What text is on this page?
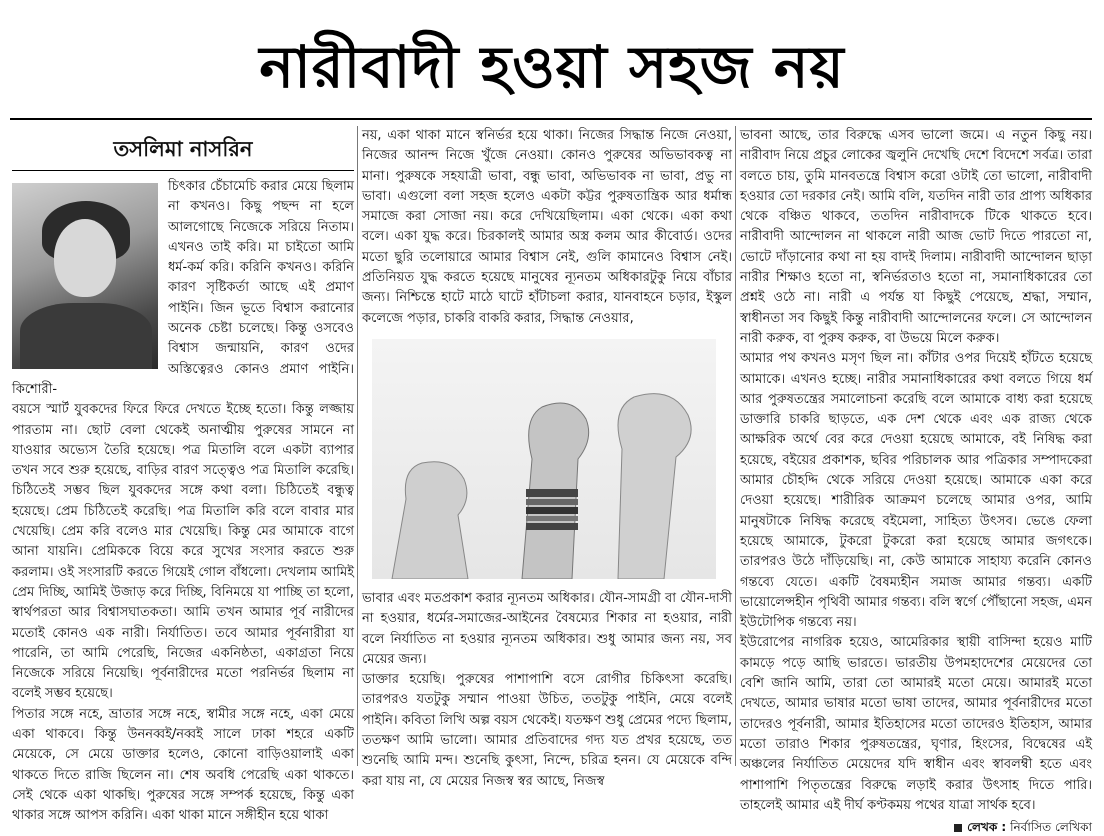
নারীবাদী হওয়া সহজ নয়
তসলিমা নাসরিন

চিৎকার চেঁচামেচি করার মেয়ে ছিলাম না কখনও। কিছু পছন্দ না হলে আলগোছে নিজেকে সরিয়ে নিতাম। এখনও তাই করি। মা চাইতো আমি ধর্ম-কর্ম করি। করিনি কখনও। করিনি কারণ সৃষ্টিকর্তা আছে এই প্রমাণ পাইনি। জিন ভূতে বিশ্বাস করানোর অনেক চেষ্টা চলেছে। কিন্তু ওসবেও বিশ্বাস জন্মায়নি, কারণ ওদের অস্তিত্বেরও কোনও প্রমাণ পাইনি। কিশোরী-

বয়সে স্মার্ট যুবকদের ফিরে ফিরে দেখতে ইচ্ছে হতো। কিন্তু লজ্জায় পারতাম না। ছোট বেলা থেকেই অনাত্মীয় পুরুষের সামনে না যাওয়ার অভ্যেস তৈরি হয়েছে। পত্র মিতালি বলে একটা ব্যাপার তখন সবে শুরু হয়েছে, বাড়ির বারণ সত্ত্বেও পত্র মিতালি করেছি। চিঠিতেই সম্ভব ছিল যুবকদের সঙ্গে কথা বলা। চিঠিতেই বন্ধুত্ব হয়েছে। প্রেম চিঠিতেই করেছি। পত্র মিতালি করি বলে বাবার মার খেয়েছি। প্রেম করি বলেও মার খেয়েছি। কিন্তু মের আমাকে বাগে আনা যায়নি। প্রেমিককে বিয়ে করে সুখের সংসার করতে শুরু করলাম। ওই সংসারটি করতে গিয়েই গোল বাঁধলো। দেখলাম আমিই প্রেম দিচ্ছি, আমিই উজাড় করে দিচ্ছি, বিনিময়ে যা পাচ্ছি তা হলো, স্বার্থপরতা আর বিশ্বাসঘাতকতা। আমি তখন আমার পূর্ব নারীদের মতোই কোনও এক নারী। নির্যাতিত। তবে আমার পূর্বনারীরা যা পারেনি, তা আমি পেরেছি, নিজের একনিষ্ঠতা, একাগ্রতা নিয়ে নিজেকে সরিয়ে নিয়েছি। পূর্বনারীদের মতো পরনির্ভর ছিলাম না বলেই সম্ভব হয়েছে।

পিতার সঙ্গে নহে, ভ্রাতার সঙ্গে নহে, স্বামীর সঙ্গে নহে, একা মেয়ে একা থাকবে। কিন্তু উননব্বই/নব্বই সালে ঢাকা শহরে একটি মেয়েকে, সে মেয়ে ডাক্তার হলেও, কোনো বাড়িওয়ালাই একা থাকতে দিতে রাজি ছিলেন না। শেষ অবধি পেরেছি একা থাকতে। সেই থেকে একা থাকছি। পুরুষের সঙ্গে সম্পর্ক হয়েছে, কিন্তু একা থাকার সঙ্গে আপস করিনি। একা থাকা মানে সঙ্গীহীন হয়ে থাকা

নয়, একা থাকা মানে স্বনির্ভর হয়ে থাকা। নিজের সিদ্ধান্ত নিজে নেওয়া, নিজের আনন্দ নিজে খুঁজে নেওয়া। কোনও পুরুষের অভিভাবকত্ব না মানা। পুরুষকে সহযাত্রী ভাবা, বন্ধু ভাবা, অভিভাবক না ভাবা, প্রভু না ভাবা। এগুলো বলা সহজ হলেও একটা কট্টর পুরুষতান্ত্রিক আর ধর্মান্ধ সমাজে করা সোজা নয়। করে দেখিয়েছিলাম। একা থেকে। একা কথা বলে। একা যুদ্ধ করে। চিরকালই আমার অস্ত্র কলম আর কীবোর্ড। ওদের মতো ছুরি তলোয়ারে আমার বিশ্বাস নেই, গুলি কামানেও বিশ্বাস নেই। প্রতিনিয়ত যুদ্ধ করতে হয়েছে মানুষের ন্যূনতম অধিকারটুকু নিয়ে বাঁচার জন্য। নিশ্চিন্তে হাটে মাঠে ঘাটে হাঁটাচলা করার, যানবাহনে চড়ার, ইস্কুল কলেজে পড়ার, চাকরি বাকরি করার, সিদ্ধান্ত নেওয়ার,

ভাবার এবং মতপ্রকাশ করার ন্যূনতম অধিকার। যৌন-সামগ্রী বা যৌন-দাসী না হওয়ার, ধর্মের-সমাজের-আইনের বৈষম্যের শিকার না হওয়ার, নারী বলে নির্যাতিত না হওয়ার ন্যূনতম অধিকার। শুধু আমার জন্য নয়, সব মেয়ের জন্য।

ডাক্তার হয়েছি। পুরুষের পাশাপাশি বসে রোগীর চিকিৎসা করেছি। তারপরও যতটুকু সম্মান পাওয়া উচিত, ততটুকু পাইনি, মেয়ে বলেই পাইনি। কবিতা লিখি অল্প বয়স থেকেই। যতক্ষণ শুধু প্রেমের পদ্যে ছিলাম, ততক্ষণ আমি ভালো। আমার প্রতিবাদের গদ্য যত প্রখর হয়েছে, তত শুনেছি আমি মন্দ। শুনেছি কুৎসা, নিন্দে, চরিত্র হনন। যে মেয়েকে বন্দি করা যায় না, যে মেয়ের নিজস্ব স্বর আছে, নিজস্ব

ভাবনা আছে, তার বিরুদ্ধে এসব ভালো জমে। এ নতুন কিছু নয়। নারীবাদ নিয়ে প্রচুর লোকের জ্বলুনি দেখেছি দেশে বিদেশে সর্বত্র। তারা বলতে চায়, তুমি মানবতন্ত্রে বিশ্বাস করো ওটাই তো ভালো, নারীবাদী হওয়ার তো দরকার নেই। আমি বলি, যতদিন নারী তার প্রাপ্য অধিকার থেকে বঞ্চিত থাকবে, ততদিন নারীবাদকে টিকে থাকতে হবে। নারীবাদী আন্দোলন না থাকলে নারী আজ ভোট দিতে পারতো না, ভোটে দাঁড়ানোর কথা না হয় বাদই দিলাম। নারীবাদী আন্দোলন ছাড়া নারীর শিক্ষাও হতো না, স্বনির্ভরতাও হতো না, সমানাধিকারের তো প্রশ্নই ওঠে না। নারী এ পর্যন্ত যা কিছুই পেয়েছে, শ্রদ্ধা, সম্মান, স্বাধীনতা সব কিছুই কিন্তু নারীবাদী আন্দোলনের ফলে। সে আন্দোলন নারী করুক, বা পুরুষ করুক, বা উভয়ে মিলে করুক।

আমার পথ কখনও মসৃণ ছিল না। কাঁটার ওপর দিয়েই হাঁটতে হয়েছে আমাকে। এখনও হচ্ছে। নারীর সমানাধিকারের কথা বলতে গিয়ে ধর্ম আর পুরুষতন্ত্রের সমালোচনা করেছি বলে আমাকে বাধ্য করা হয়েছে ডাক্তারি চাকরি ছাড়তে, এক দেশ থেকে এবং এক রাজ্য থেকে আক্ষরিক অর্থে বের করে দেওয়া হয়েছে আমাকে, বই নিষিদ্ধ করা হয়েছে, বইয়ের প্রকাশক, ছবির পরিচালক আর পত্রিকার সম্পাদকেরা আমার চৌহদ্দি থেকে সরিয়ে দেওয়া হয়েছে। আমাকে একা করে দেওয়া হয়েছে। শারীরিক আক্রমণ চলেছে আমার ওপর, আমি মানুষটাকে নিষিদ্ধ করেছে বইমেলা, সাহিত্য উৎসব। ভেঙে ফেলা হয়েছে আমাকে, টুকরো টুকরো করা হয়েছে আমার জগৎকে। তারপরও উঠে দাঁড়িয়েছি। না, কেউ আমাকে সাহায্য করেনি কোনও গন্তব্যে যেতে। একটি বৈষম্যহীন সমাজ আমার গন্তব্য। একটি ভায়োলেন্সহীন পৃথিবী আমার গন্তব্য। বলি স্বর্গে পৌঁছানো সহজ, এমন ইউটোপিক গন্তব্যে নয়।

ইউরোপের নাগরিক হয়েও, আমেরিকার স্থায়ী বাসিন্দা হয়েও মাটি কামড়ে পড়ে আছি ভারতে। ভারতীয় উপমহাদেশের মেয়েদের তো বেশি জানি আমি, তারা তো আমারই মতো মেয়ে। আমারই মতো দেখতে, আমার ভাষার মতো ভাষা তাদের, আমার পূর্বনারীদের মতো তাদেরও পূর্বনারী, আমার ইতিহাসের মতো তাদেরও ইতিহাস, আমার মতো তারাও শিকার পুরুষতন্ত্রের, ঘৃণার, হিংসের, বিদ্বেষের এই অঞ্চলের নির্যাতিত মেয়েদের যদি স্বাধীন এবং স্বাবলম্বী হতে এবং পাশাপাশি পিতৃতন্ত্রের বিরুদ্ধে লড়াই করার উৎসাহ দিতে পারি। তাহলেই আমার এই দীর্ঘ কণ্টকময় পথের যাত্রা সার্থক হবে।

লেখক : নির্বাসিত লেখিকা
